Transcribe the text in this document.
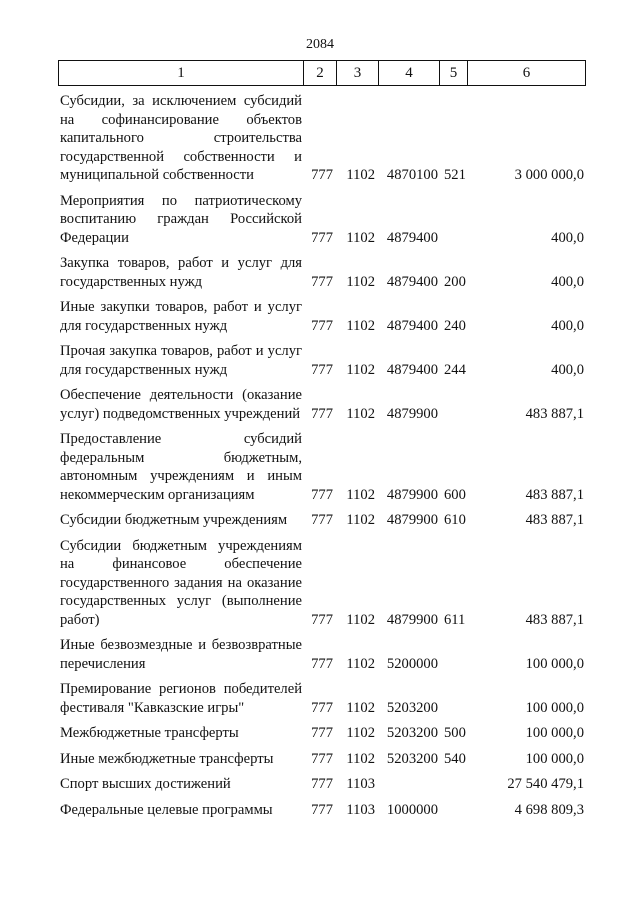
2084
1	2	3	4	5	6
Субсидии, за исключением субсидий на софинансирование объектов капитального строительства государственной собственности и муниципальной собственности	777 1102 4870100 521	3 000 000,0
Мероприятия по патриотическому воспитанию граждан Российской Федерации	777 1102 4879400	400,0
Закупка товаров, работ и услуг для государственных нужд	777 1102 4879400 200	400,0
Иные закупки товаров, работ и услуг для государственных нужд	777 1102 4879400 240	400,0
Прочая закупка товаров, работ и услуг для государственных нужд	777 1102 4879400 244	400,0
Обеспечение деятельности (оказание услуг) подведомственных учреждений 777 1102 4879900	483 887,1
Предоставление субсидий федеральным бюджетным, автономным учреждениям и иным некоммерческим организациям	777 1102 4879900 600	483 887,1
Субсидии бюджетным учреждениям	777 1102 4879900 610	483 887,1
Субсидии бюджетным учреждениям на финансовое обеспечение государственного задания на оказание государственных услуг (выполнение работ)	777 1102 4879900 611	483 887,1
Иные безвозмездные и безвозвратные перечисления	777 1102 5200000	100 000,0
Премирование регионов победителей фестиваля "Кавказские игры"	777 1102 5203200	100 000,0
Межбюджетные трансферты	777 1102 5203200 500	100 000,0
Иные межбюджетные трансферты	777 1102 5203200 540	100 000,0
Спорт высших достижений	777 1103	27 540 479,1
Федеральные целевые программы	777 1103 1000000	4 698 809,3
